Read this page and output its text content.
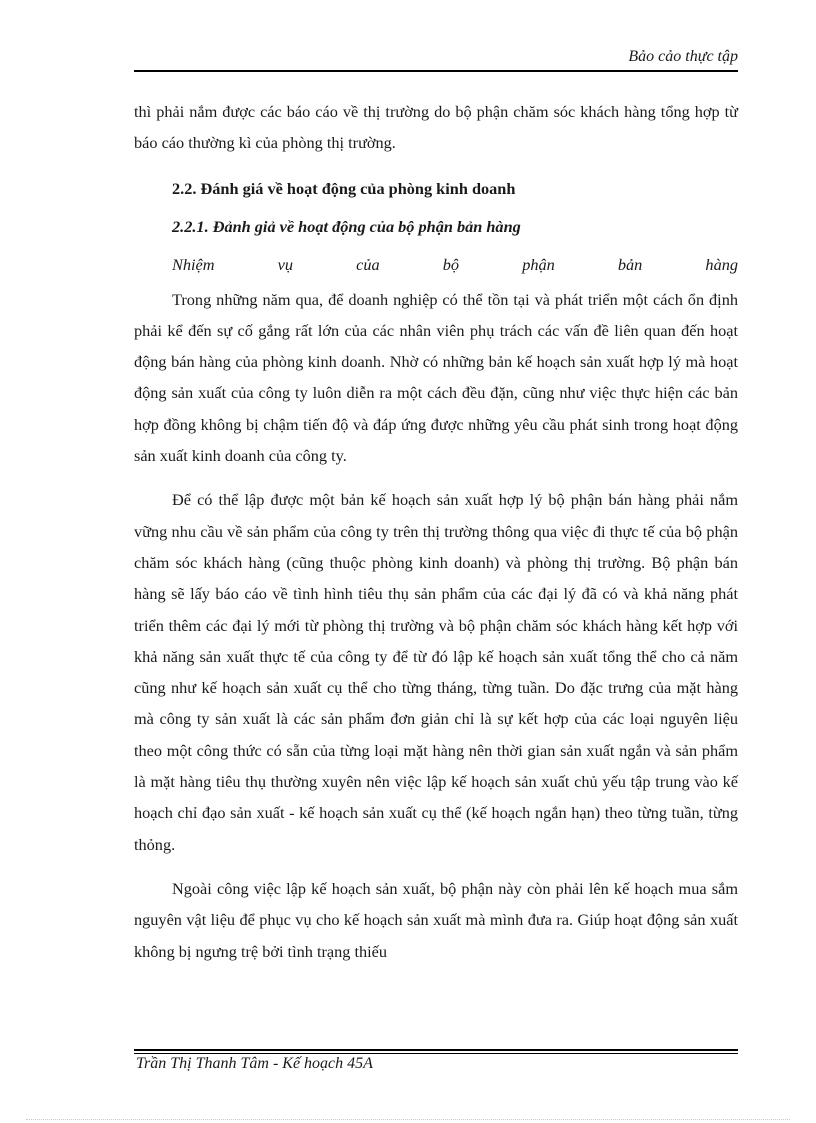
Bảo cảo thực tập

thì phải nắm được các báo cáo về thị trường do bộ phận chăm sóc khách hàng tổng hợp từ báo cáo thường kì của phòng thị trường.

2.2. Đánh giá về hoạt động của phòng kinh doanh
2.2.1. Đảnh giả về hoạt động của bộ phận bản hàng
Nhiệm	vụ	của	bộ	phận	bản	hàng

Trong những năm qua, để doanh nghiệp có thể tồn tại và phát triển một cách ổn định phải kể đến sự cố gắng rất lớn của các nhân viên phụ trách các vấn đề liên quan đến hoạt động bán hàng của phòng kinh doanh. Nhờ có những bản kế hoạch sản xuất hợp lý mà hoạt động sản xuất của công ty luôn diễn ra một cách đều đặn, cũng như việc thực hiện các bản hợp đồng không bị chậm tiến độ và đáp ứng được những yêu cầu phát sinh trong hoạt động sản xuất kinh doanh của công ty.

Để có thể lập được một bản kế hoạch sản xuất hợp lý bộ phận bán hàng phải nắm vững nhu cầu về sản phẩm của công ty trên thị trường thông qua việc đi thực tế của bộ phận chăm sóc khách hàng (cũng thuộc phòng kinh doanh) và phòng thị trường. Bộ phận bán hàng sẽ lấy báo cáo về tình hình tiêu thụ sản phẩm của các đại lý đã có và khả năng phát triển thêm các đại lý mới từ phòng thị trường và bộ phận chăm sóc khách hàng kết hợp với khả năng sản xuất thực tế của công ty để từ đó lập kế hoạch sản xuất tổng thể cho cả năm cũng như kế hoạch sản xuất cụ thể cho từng tháng, từng tuần. Do đặc trưng của mặt hàng mà công ty sản xuất là các sản phẩm đơn giản chỉ là sự kết hợp của các loại nguyên liệu theo một công thức có sẵn của từng loại mặt hàng nên thời gian sản xuất ngắn và sản phẩm là mặt hàng tiêu thụ thường xuyên nên việc lập kế hoạch sản xuất chủ yếu tập trung vào kế hoạch chỉ đạo sản xuất - kế hoạch sản xuất cụ thể (kế hoạch ngắn hạn) theo từng tuần, từng thỏng.

Ngoài công việc lập kế hoạch sản xuất, bộ phận này còn phải lên kế hoạch mua sắm nguyên vật liệu để phục vụ cho kế hoạch sản xuất mà mình đưa ra. Giúp hoạt động sản xuất không bị ngưng trệ bởi tình trạng thiếu

Trần Thị Thanh Tâm - Kế hoạch 45A
